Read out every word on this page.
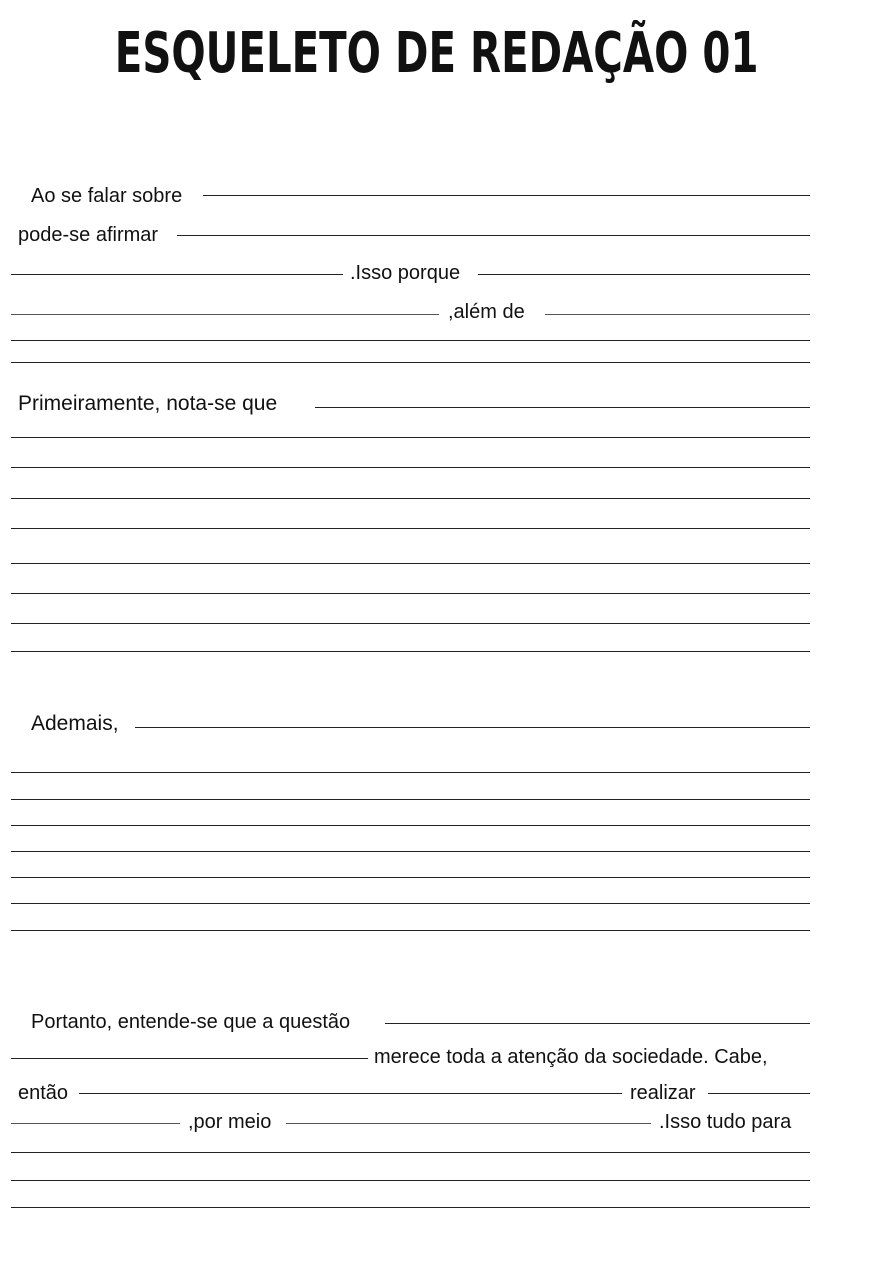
ESQUELETO DE REDAÇÃO 01
Ao se falar sobre
pode-se afirmar
.Isso porque
,além de
Primeiramente, nota-se que
Ademais,
Portanto, entende-se que a questão
merece toda a atenção da sociedade. Cabe,
então	realizar
,por meio	.Isso tudo para
